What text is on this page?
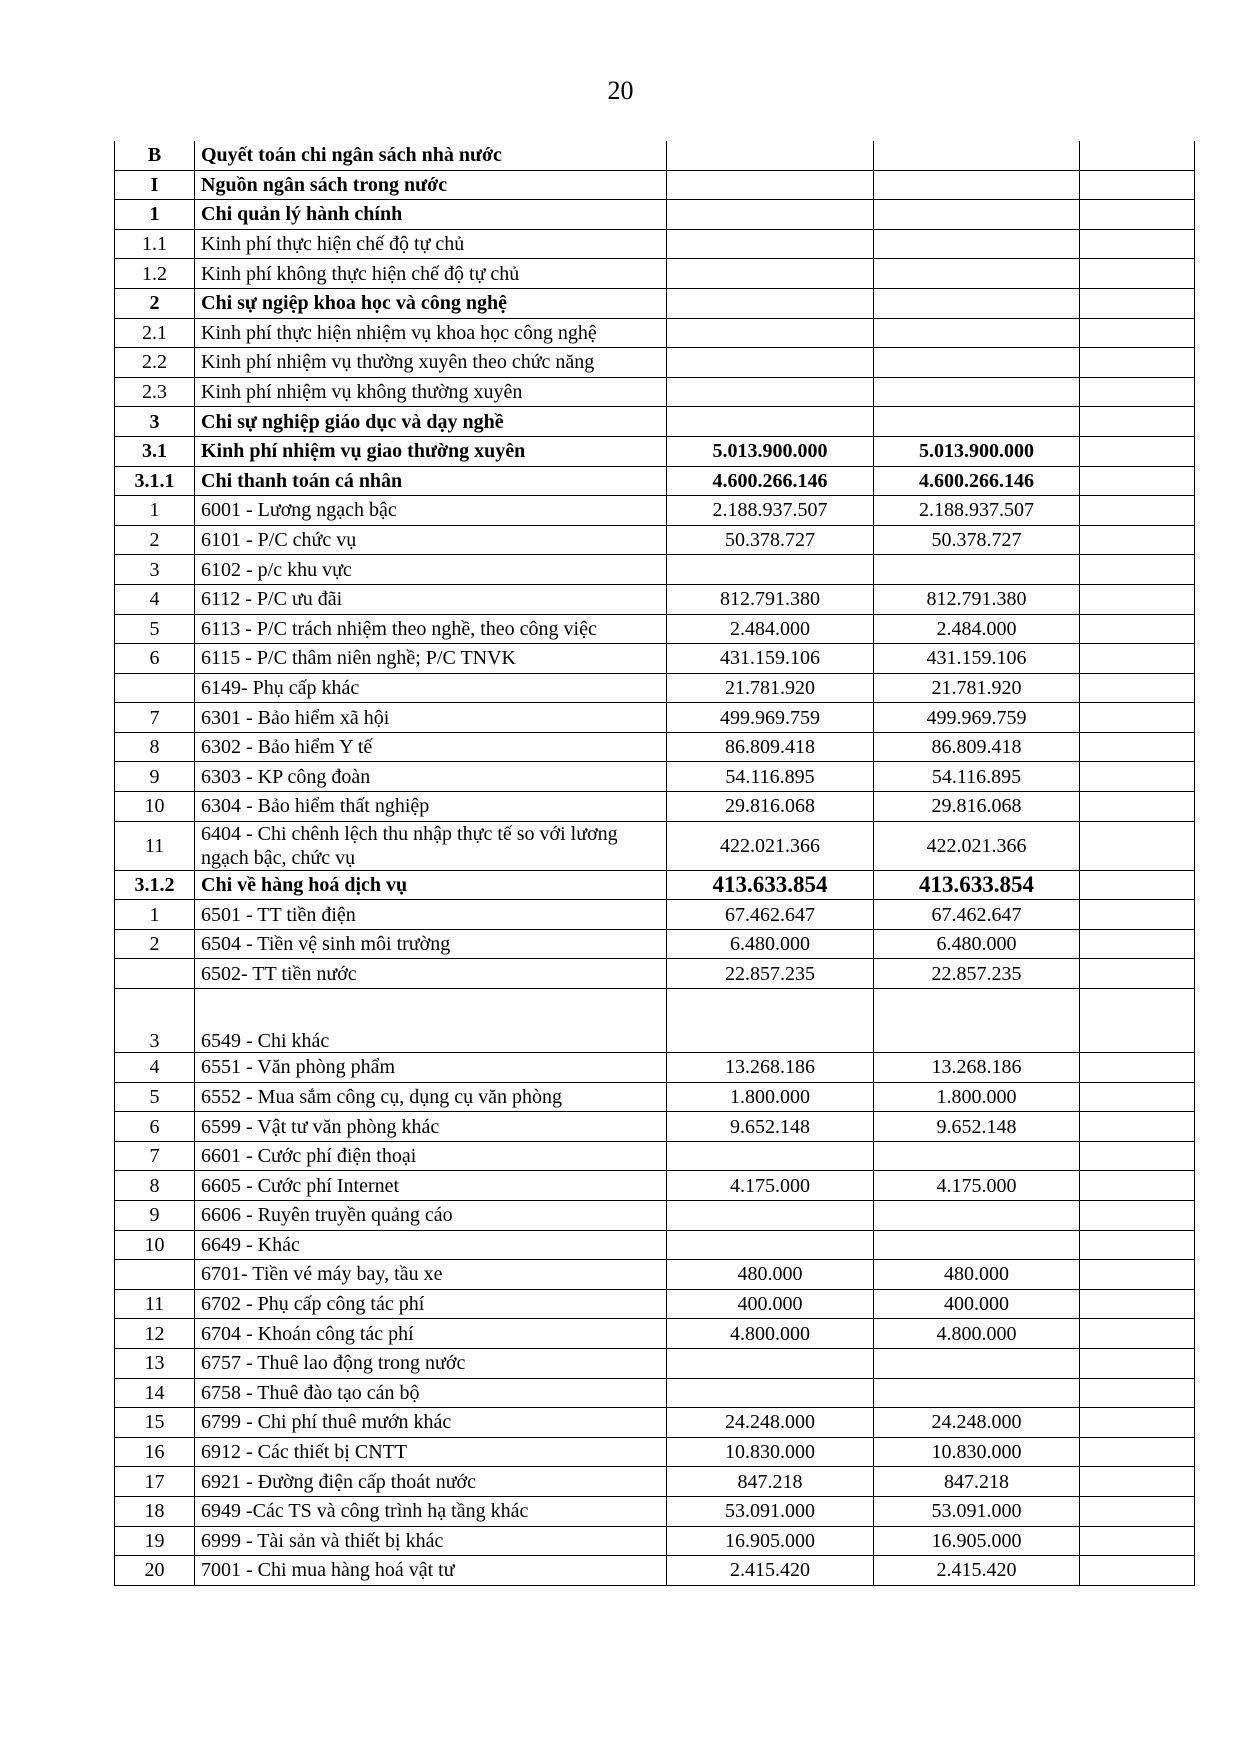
20
B	Quyết toán chi ngân sách nhà nước			
I	Nguồn ngân sách trong nước			
1	Chi quản lý hành chính			
1.1	Kinh phí thực hiện chế độ tự chủ			
1.2	Kinh phí không thực hiện chế độ tự chủ			
2	Chi sự ngiệp khoa học và công nghệ			
2.1	Kinh phí thực hiện nhiệm vụ khoa học công nghệ			
2.2	Kinh phí nhiệm vụ thường xuyên theo chức năng			
2.3	Kinh phí nhiệm vụ không thường xuyên			
3	Chi sự nghiệp giáo dục và dạy nghề			
3.1	Kinh phí nhiệm vụ giao thường xuyên	5.013.900.000	5.013.900.000	
3.1.1	Chi thanh toán cá nhân	4.600.266.146	4.600.266.146	
1	6001 - Lương ngạch bậc	2.188.937.507	2.188.937.507	
2	6101 - P/C chức vụ	50.378.727	50.378.727	
3	6102 - p/c khu vực			
4	6112 - P/C ưu đãi	812.791.380	812.791.380	
5	6113 - P/C trách nhiệm theo nghề, theo công việc	2.484.000	2.484.000	
6	6115 - P/C thâm niên nghề; P/C TNVK	431.159.106	431.159.106	
	6149- Phụ cấp khác	21.781.920	21.781.920	
7	6301 - Bảo hiểm xã hội	499.969.759	499.969.759	
8	6302 - Bảo hiểm Y tế	86.809.418	86.809.418	
9	6303 - KP công đoàn	54.116.895	54.116.895	
10	6304 - Bảo hiểm thất nghiệp	29.816.068	29.816.068	
11	6404 - Chi chênh lệch thu nhập thực tế so với lương ngạch bậc, chức vụ	422.021.366	422.021.366	
3.1.2	Chi về hàng hoá dịch vụ	413.633.854	413.633.854	
1	6501 - TT tiền điện	67.462.647	67.462.647	
2	6504 - Tiền vệ sinh môi trường	6.480.000	6.480.000	
	6502- TT tiền nước	22.857.235	22.857.235	
3	6549 - Chi khác			
4	6551 - Văn phòng phẩm	13.268.186	13.268.186	
5	6552 - Mua sắm công cụ, dụng cụ văn phòng	1.800.000	1.800.000	
6	6599 - Vật tư văn phòng khác	9.652.148	9.652.148	
7	6601 - Cước phí điện thoại			
8	6605 - Cước phí Internet	4.175.000	4.175.000	
9	6606 - Ruyên truyền quảng cáo			
10	6649 - Khác			
	6701- Tiền vé máy bay, tầu xe	480.000	480.000	
11	6702 - Phụ cấp công tác phí	400.000	400.000	
12	6704 - Khoán công tác phí	4.800.000	4.800.000	
13	6757 - Thuê lao động trong nước			
14	6758 - Thuê đào tạo cán bộ			
15	6799 - Chi phí thuê mướn khác	24.248.000	24.248.000	
16	6912 - Các thiết bị CNTT	10.830.000	10.830.000	
17	6921 - Đường điện cấp thoát nước	847.218	847.218	
18	6949 -Các TS và công trình hạ tầng khác	53.091.000	53.091.000	
19	6999 - Tài sản và thiết bị khác	16.905.000	16.905.000	
20	7001 - Chi mua hàng hoá vật tư	2.415.420	2.415.420	
